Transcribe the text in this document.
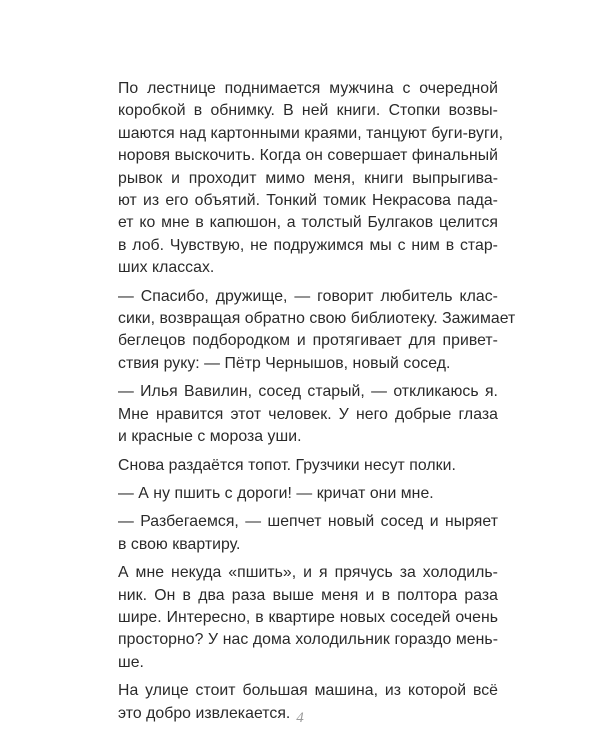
По лестнице поднимается мужчина с очередной
коробкой в обнимку. В ней книги. Стопки возвы-
шаются над картонными краями, танцуют буги-вуги,
норовя выскочить. Когда он совершает финальный
рывок и проходит мимо меня, книги выпрыгива-
ют из его объятий. Тонкий томик Некрасова пада-
ет ко мне в капюшон, а толстый Булгаков целится
в лоб. Чувствую, не подружимся мы с ним в стар-
ших классах.
— Спасибо, дружище, — говорит любитель клас-
сики, возвращая обратно свою библиотеку. Зажимает
беглецов подбородком и протягивает для привет-
ствия руку: — Пётр Чернышов, новый сосед.
— Илья Вавилин, сосед старый, — откликаюсь я.
Мне нравится этот человек. У него добрые глаза
и красные с мороза уши.
Снова раздаётся топот. Грузчики несут полки.
— А ну пшить с дороги! — кричат они мне.
— Разбегаемся, — шепчет новый сосед и ныряет
в свою квартиру.
А мне некуда «пшить», и я прячусь за холодиль-
ник. Он в два раза выше меня и в полтора раза
шире. Интересно, в квартире новых соседей очень
просторно? У нас дома холодильник гораздо мень-
ше.
На улице стоит большая машина, из которой всё
это добро извлекается. 4
